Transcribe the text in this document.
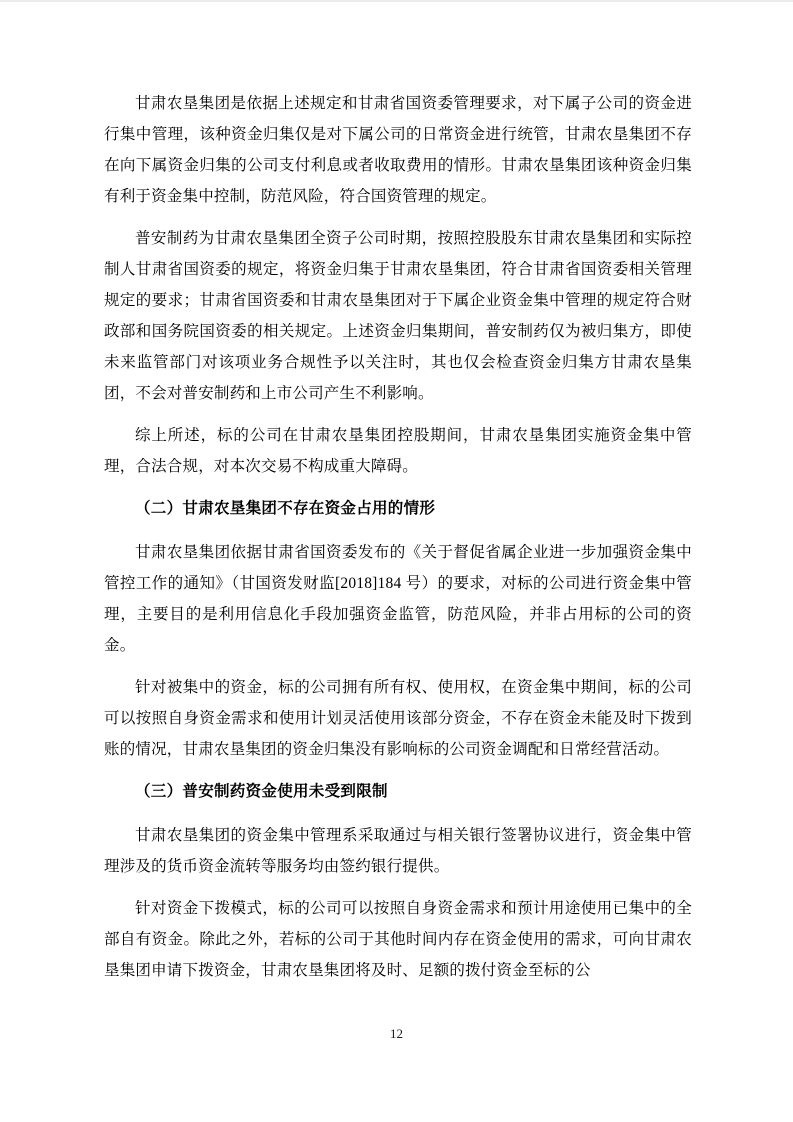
甘肃农垦集团是依据上述规定和甘肃省国资委管理要求，对下属子公司的资金进行集中管理，该种资金归集仅是对下属公司的日常资金进行统管，甘肃农垦集团不存在向下属资金归集的公司支付利息或者收取费用的情形。甘肃农垦集团该种资金归集有利于资金集中控制，防范风险，符合国资管理的规定。

普安制药为甘肃农垦集团全资子公司时期，按照控股股东甘肃农垦集团和实际控制人甘肃省国资委的规定，将资金归集于甘肃农垦集团，符合甘肃省国资委相关管理规定的要求；甘肃省国资委和甘肃农垦集团对于下属企业资金集中管理的规定符合财政部和国务院国资委的相关规定。上述资金归集期间，普安制药仅为被归集方，即使未来监管部门对该项业务合规性予以关注时，其也仅会检查资金归集方甘肃农垦集团，不会对普安制药和上市公司产生不利影响。

综上所述，标的公司在甘肃农垦集团控股期间，甘肃农垦集团实施资金集中管理，合法合规，对本次交易不构成重大障碍。

（二）甘肃农垦集团不存在资金占用的情形

甘肃农垦集团依据甘肃省国资委发布的《关于督促省属企业进一步加强资金集中管控工作的通知》（甘国资发财监[2018]184 号）的要求，对标的公司进行资金集中管理，主要目的是利用信息化手段加强资金监管，防范风险，并非占用标的公司的资金。

针对被集中的资金，标的公司拥有所有权、使用权，在资金集中期间，标的公司可以按照自身资金需求和使用计划灵活使用该部分资金，不存在资金未能及时下拨到账的情况，甘肃农垦集团的资金归集没有影响标的公司资金调配和日常经营活动。

（三）普安制药资金使用未受到限制

甘肃农垦集团的资金集中管理系采取通过与相关银行签署协议进行，资金集中管理涉及的货币资金流转等服务均由签约银行提供。

针对资金下拨模式，标的公司可以按照自身资金需求和预计用途使用已集中的全部自有资金。除此之外，若标的公司于其他时间内存在资金使用的需求，可向甘肃农垦集团申请下拨资金，甘肃农垦集团将及时、足额的拨付资金至标的公

12
